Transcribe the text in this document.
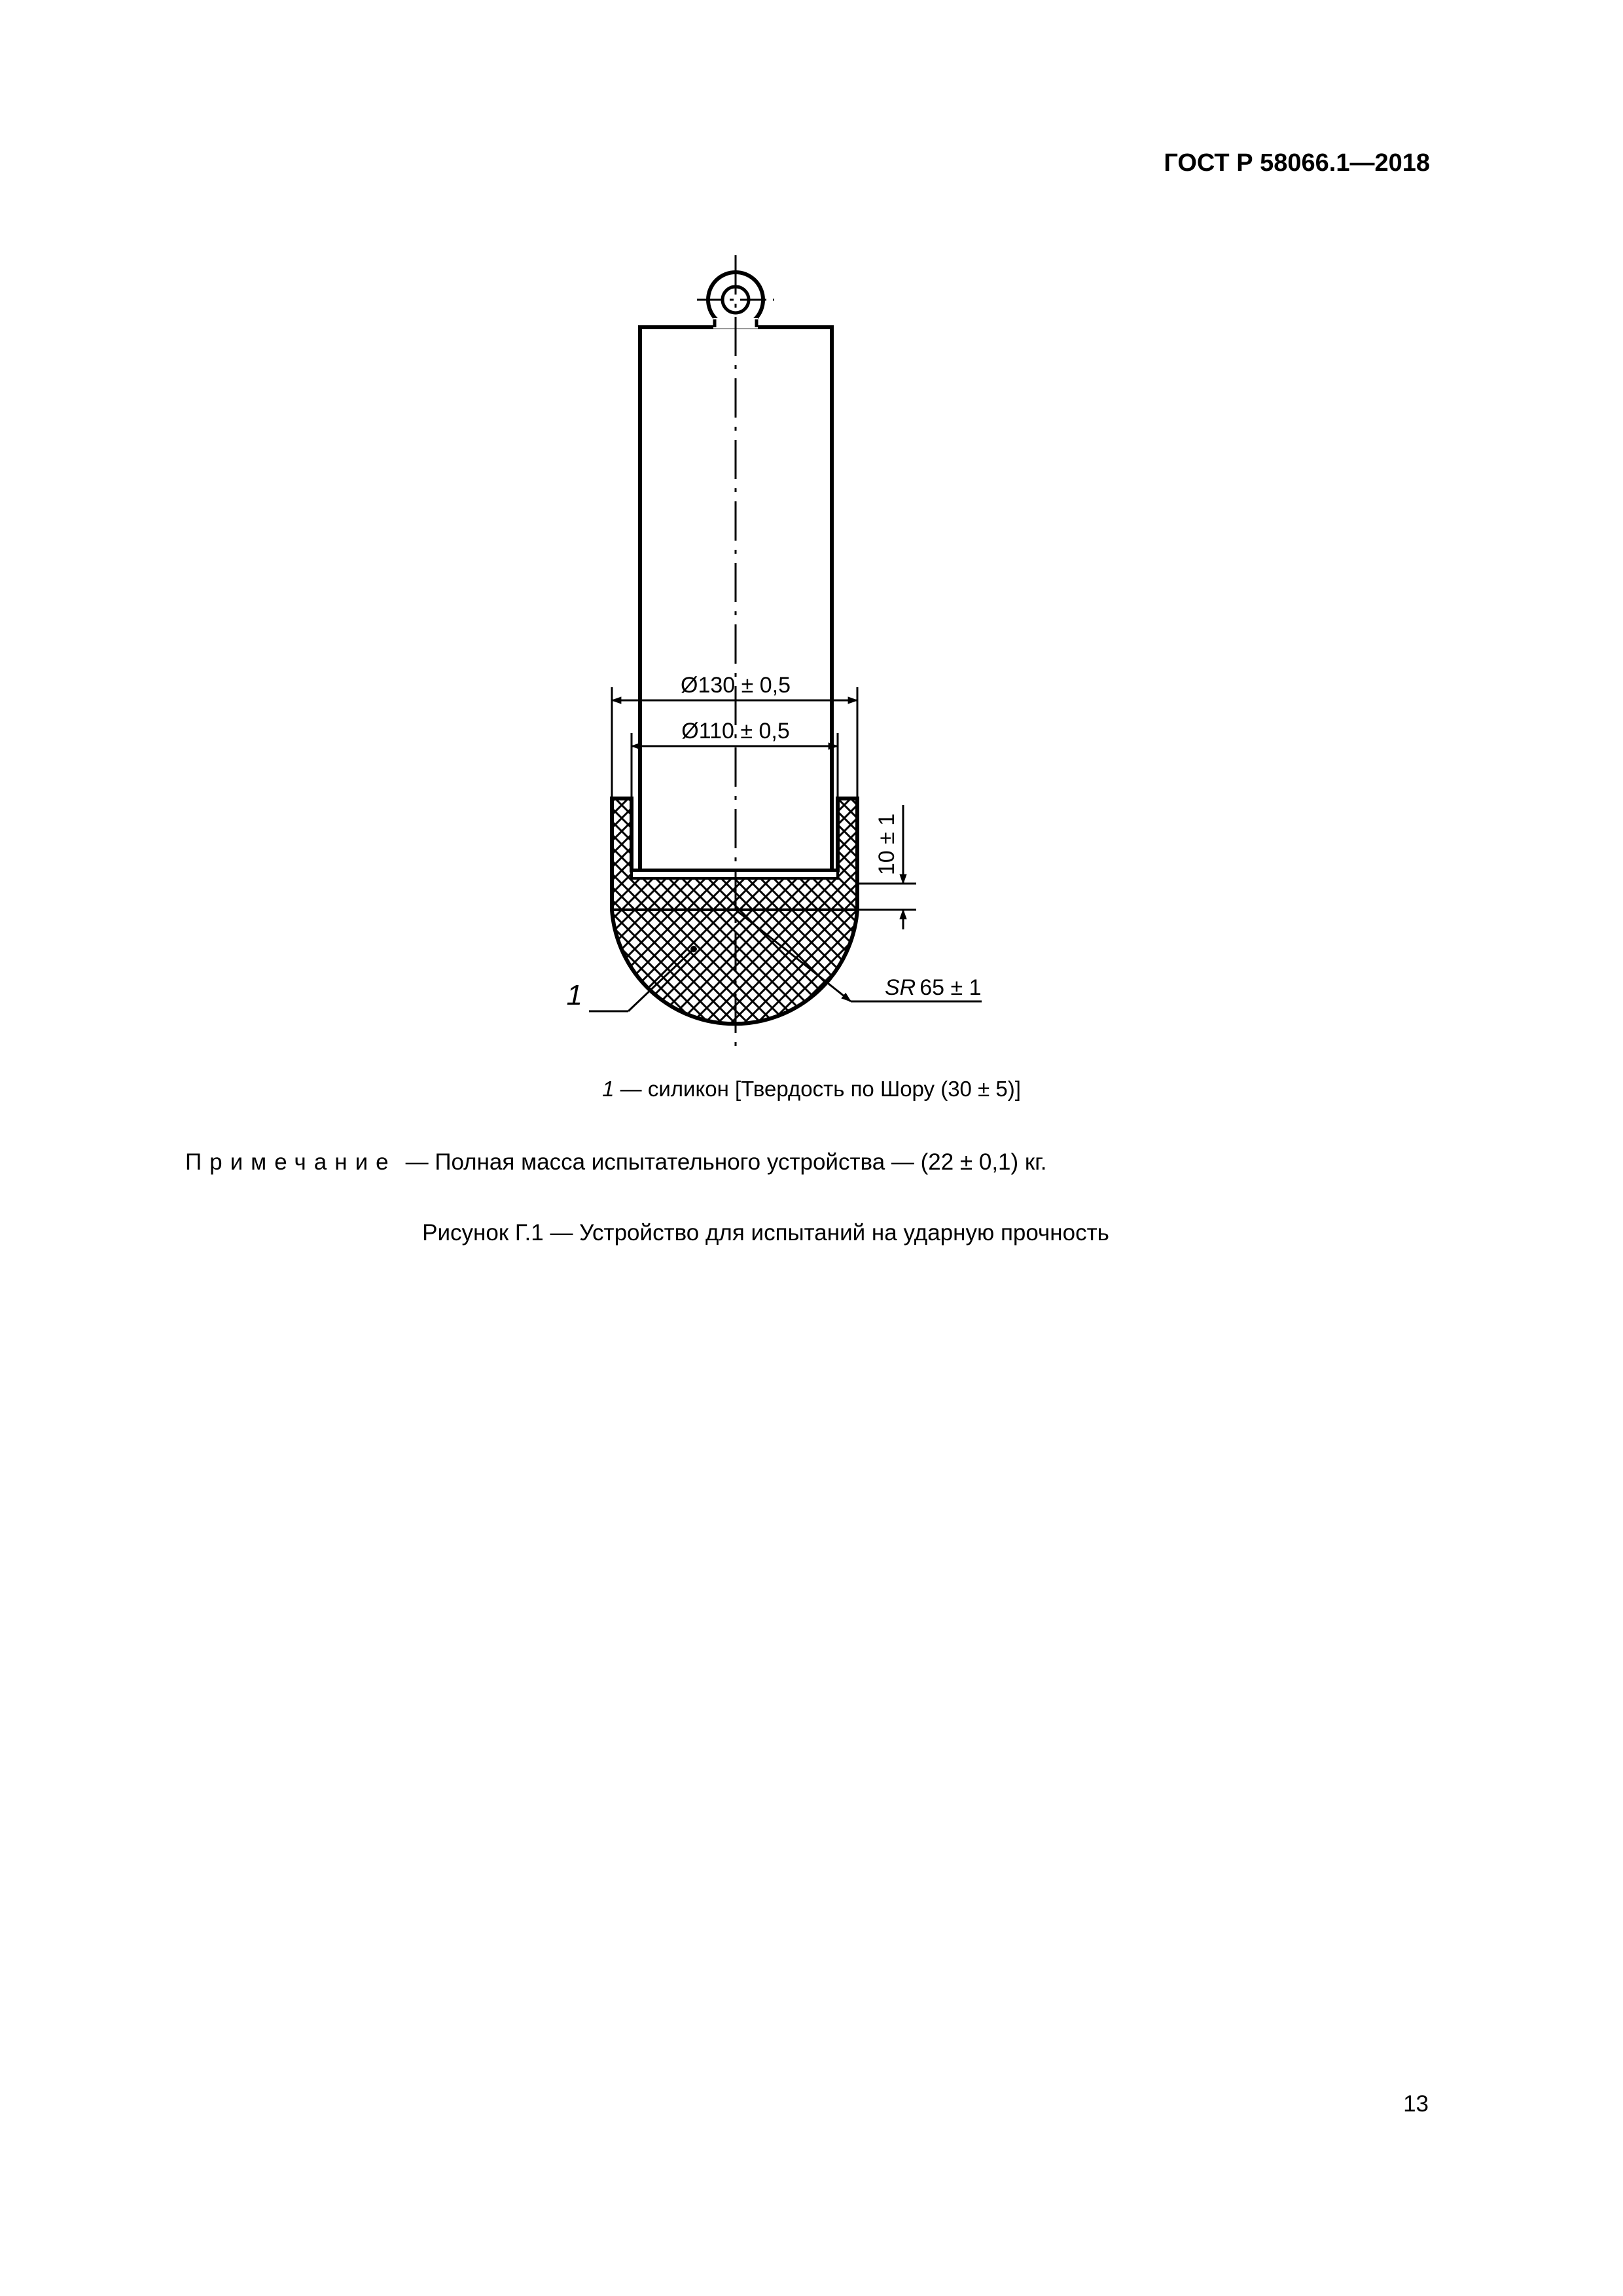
ГОСТ Р 58066.1—2018
Ø130 ± 0,5
Ø110 ± 0,5
10 ± 1
SR 65 ± 1
1
1 — силикон [Твердость по Шору (30 ± 5)]
Примечание — Полная масса испытательного устройства — (22 ± 0,1) кг.
Рисунок Г.1 — Устройство для испытаний на ударную прочность
13
